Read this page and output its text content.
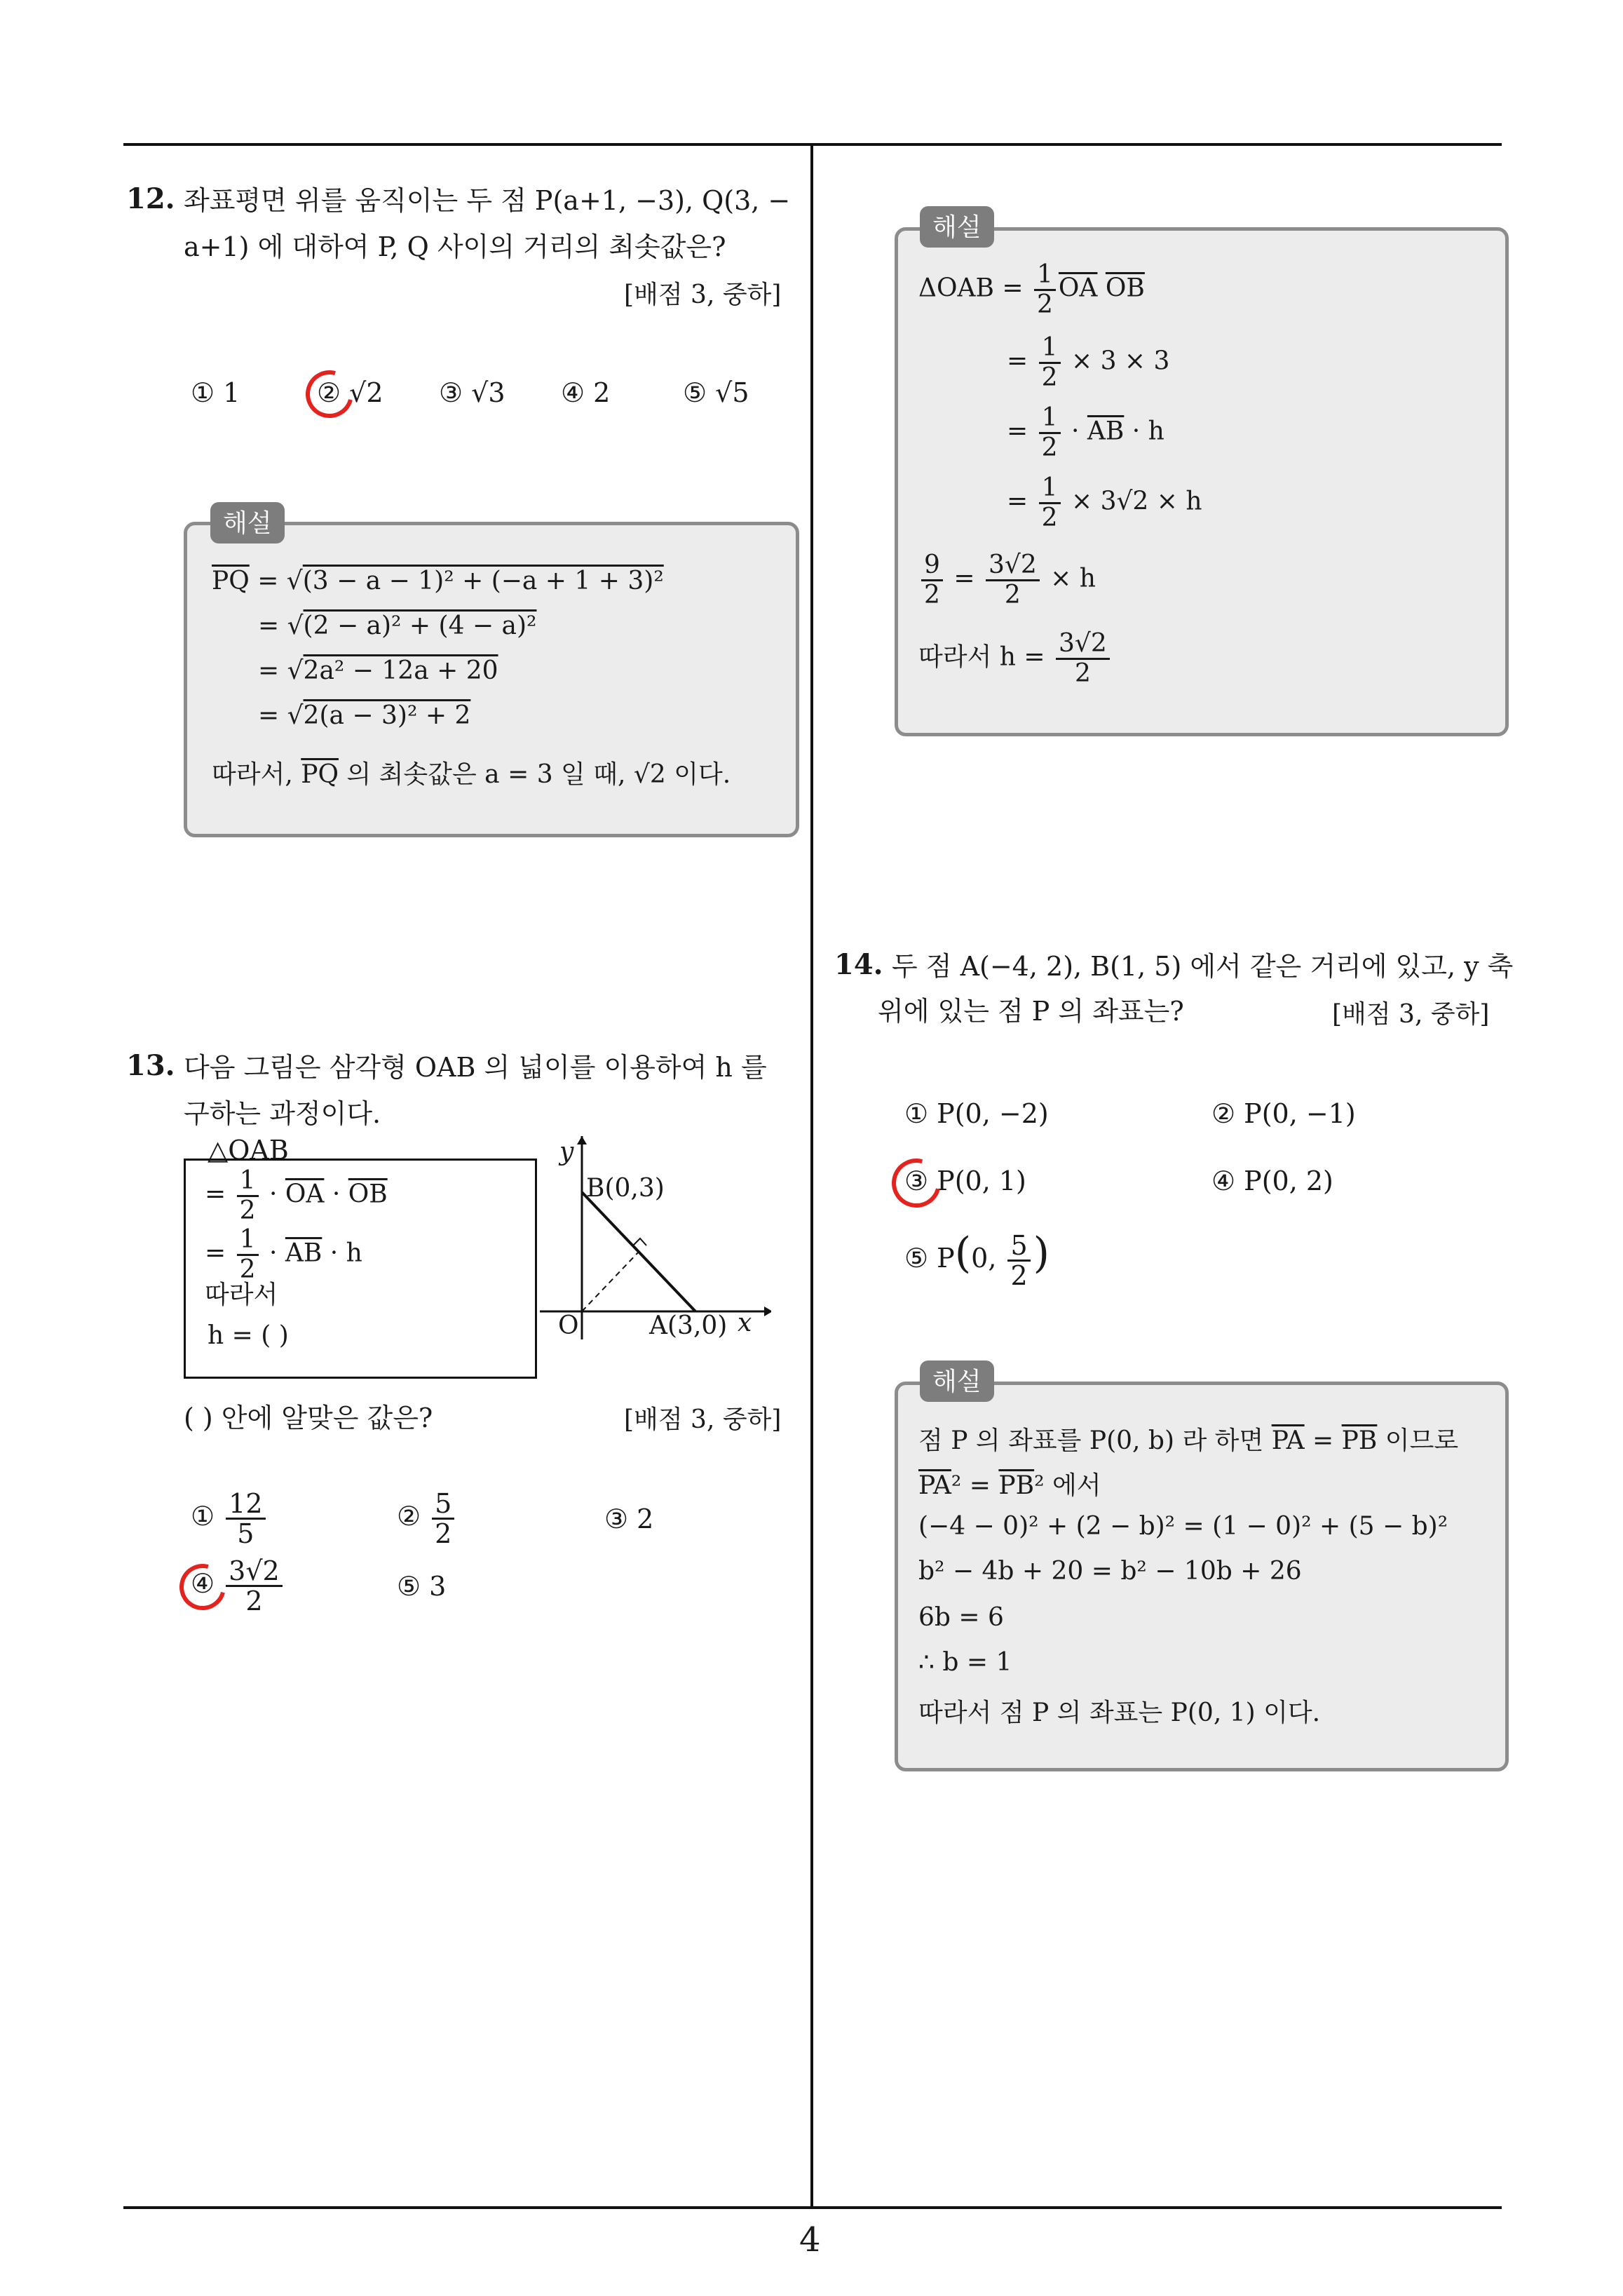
4
12. 좌표평면 위를 움직이는 두 점 P(a+1, −3), Q(3, −
a+1) 에 대하여 P, Q 사이의 거리의 최솟값은?
[배점 3, 중하]
① 1	② √2 ③ √3 ④ 2	⑤ √5
해설
$\overline{PQ} = √(3 - a - 1)^2 + (-a + 1 + 3)^2$
= √(2 − a)² + (4 − a)²
= √2a² − 12a + 20
= √2(a − 3)² + 2
따라서, $\overline{PQ}$ 의 최솟값은 a = 3 일 때, √2 이다.
13. 다음 그림은 삼각형 OAB 의 넓이를 이용하여 h 를
구하는 과정이다.
△OAB
= $\frac{1}{2} \cdot \overline{OA} \cdot \overline{OB}$
= $\frac{1}{2} \cdot \overline{AB} \cdot h$
따라서
h = ( )
y
B(0,3)
O	A(3,0) x
( ) 안에 알맞은 값은?	[배점 3, 중하]
① $\frac{12}{5}$	② $\frac{5}{2}$	③ 2
④ $\frac{3√2}{2}$	⑤ 3
해설
$\Delta OAB = \frac{1}{2} \overline{OA}$ $\overline{OB}$
= $\frac{1}{2} \times 3 \times 3$
= $\frac{1}{2} \cdot \overline{AB} \cdot h$
= $\frac{1}{2} \times 3√2 \times h$
$\frac{9}{2} = \frac{3√2}{2} \times h$
따라서 $h = \frac{3√2}{2}$
14. 두 점 A(−4, 2), B(1, 5) 에서 같은 거리에 있고, y 축
위에 있는 점 P 의 좌표는?	[배점 3, 중하]
① P(0, −2)	② P(0, −1)
③ P(0, 1)	④ P(0, 2)
⑤ P(0, $\frac{5}{2}$ )
해설
점 P 의 좌표를 P(0, b) 라 하면 $\overline{PA} = \overline{PB}$ 이므로
$\overline{PA}^2 = \overline{PB}^2$ 에서
(−4 − 0)² + (2 − b)² = (1 − 0)² + (5 − b)²
b² − 4b + 20 = b² − 10b + 26
6b = 6
∴ b = 1
따라서 점 P 의 좌표는 P(0, 1) 이다.
